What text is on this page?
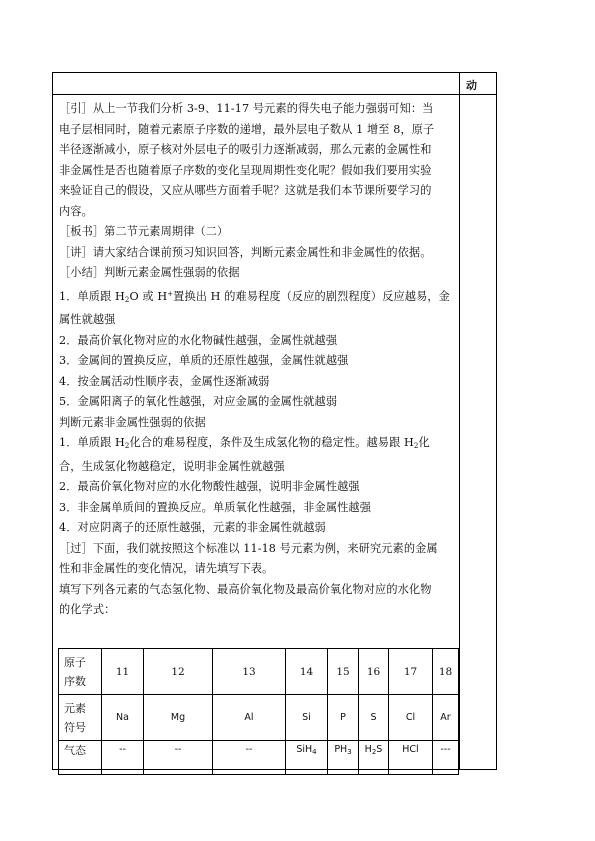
动

［引］从上一节我们分析 3-9、11-17 号元素的得失电子能力强弱可知：当

电子层相同时，随着元素原子序数的递增，最外层电子数从 1 增至 8，原子

半径逐渐减小，原子核对外层电子的吸引力逐渐减弱，那么元素的金属性和

非金属性是否也随着原子序数的变化呈现周期性变化呢？假如我们要用实验

来验证自己的假设，又应从哪些方面着手呢？这就是我们本节课所要学习的

内容。

［板书］第二节元素周期律（二）

［讲］请大家结合课前预习知识回答，判断元素金属性和非金属性的依据。

［小结］判断元素金属性强弱的依据

1．单质跟 $H_2O$ 或 H+置换出 H 的难易程度（反应的剧烈程度）反应越易，金

属性就越强

2．最高价氧化物对应的水化物碱性越强，金属性就越强

3．金属间的置换反应，单质的还原性越强，金属性就越强

4．按金属活动性顺序表，金属性逐渐减弱

5．金属阳离子的氧化性越强，对应金属的金属性就越弱

判断元素非金属性强弱的依据

1．单质跟 $H_2$化合的难易程度，条件及生成氢化物的稳定性。越易跟 $H_2$化

合，生成氢化物越稳定，说明非金属性就越强

2．最高价氧化物对应的水化物酸性越强，说明非金属性越强

3．非金属单质间的置换反应。单质氧化性越强，非金属性越强

4．对应阴离子的还原性越强，元素的非金属性就越弱

［过］下面，我们就按照这个标准以 11-18 号元素为例，来研究元素的金属

性和非金属性的变化情况，请先填写下表。

填写下列各元素的气态氢化物、最高价氧化物及最高价氧化物对应的水化物

的化学式：

原子
序数	11	12	13	14	15	16	17	18

元素
符号	Na	Mg	Al	Si	P	S	Cl	Ar
气态	--	--	--	SiH$_4$	$PH_3$	$H_2S$	HCl	---
